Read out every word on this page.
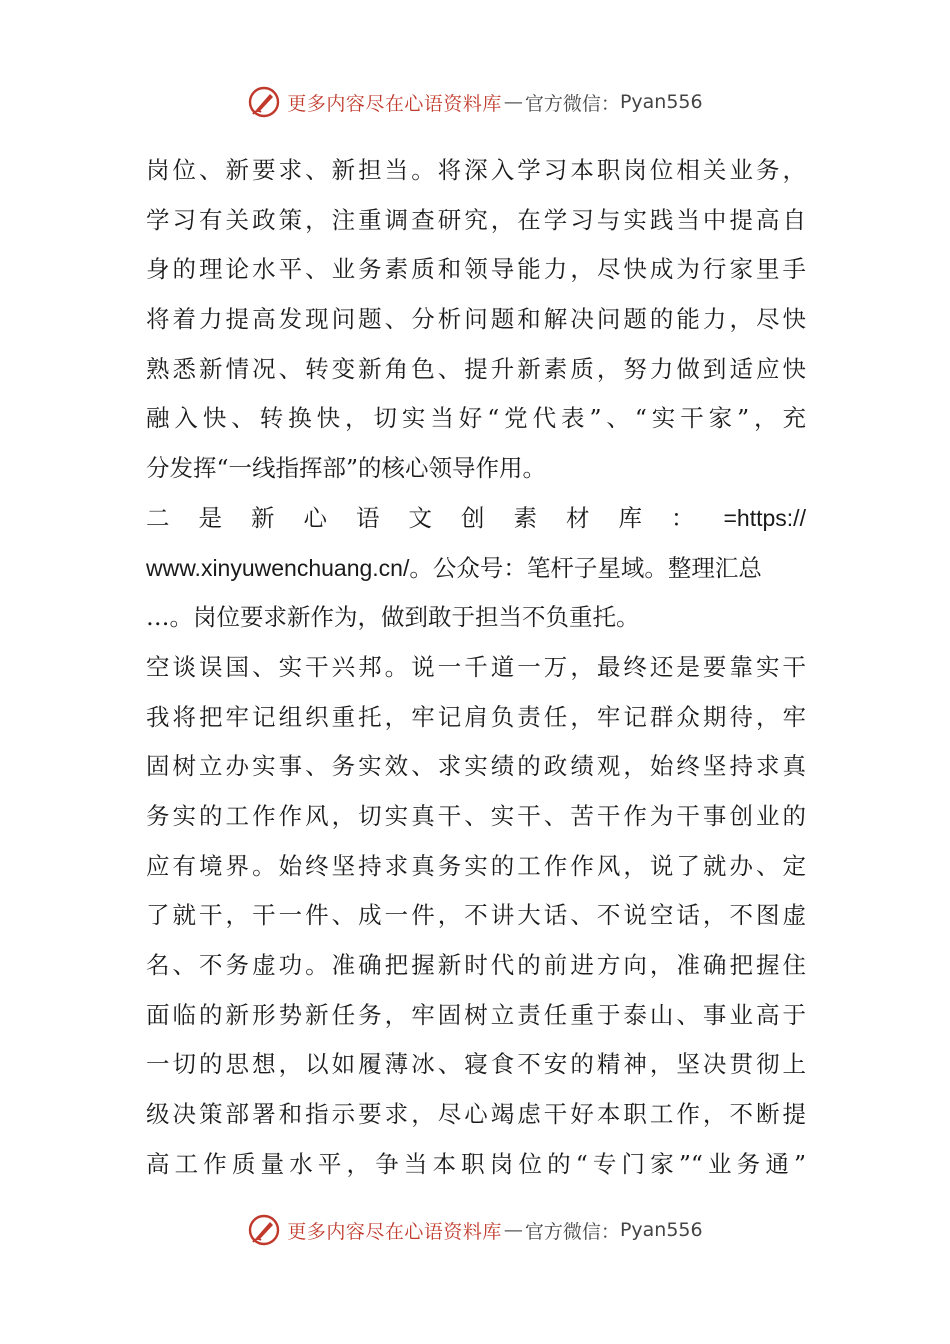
更多内容尽在心语资料库 — 官方微信： Pyan556
岗位、新要求、新担当。将深入学习本职岗位相关业务，
学习有关政策，注重调查研究，在学习与实践当中提高自
身的理论水平、业务素质和领导能力，尽快成为行家里手
将着力提高发现问题、分析问题和解决问题的能力，尽快
熟悉新情况、转变新角色、提升新素质，努力做到适应快
融入快、转换快，切实当好“党代表”、“实干家”，充
分发挥“一线指挥部”的核心领导作用。
二 是 新 心 语 文 创 素 材 库 ： =https://
www.xinyuwenchuang.cn/。公众号：笔杆子星域。整理汇总
…。岗位要求新作为，做到敢于担当不负重托。
空谈误国、实干兴邦。说一千道一万，最终还是要靠实干
我将把牢记组织重托，牢记肩负责任，牢记群众期待，牢
固树立办实事、务实效、求实绩的政绩观，始终坚持求真
务实的工作作风，切实真干、实干、苦干作为干事创业的
应有境界。始终坚持求真务实的工作作风，说了就办、定
了就干，干一件、成一件，不讲大话、不说空话，不图虚
名、不务虚功。准确把握新时代的前进方向，准确把握住
面临的新形势新任务，牢固树立责任重于泰山、事业高于
一切的思想，以如履薄冰、寝食不安的精神，坚决贯彻上
级决策部署和指示要求，尽心竭虑干好本职工作，不断提
高工作质量水平，争当本职岗位的“专门家”“业务通”
更多内容尽在心语资料库 — 官方微信： Pyan556
